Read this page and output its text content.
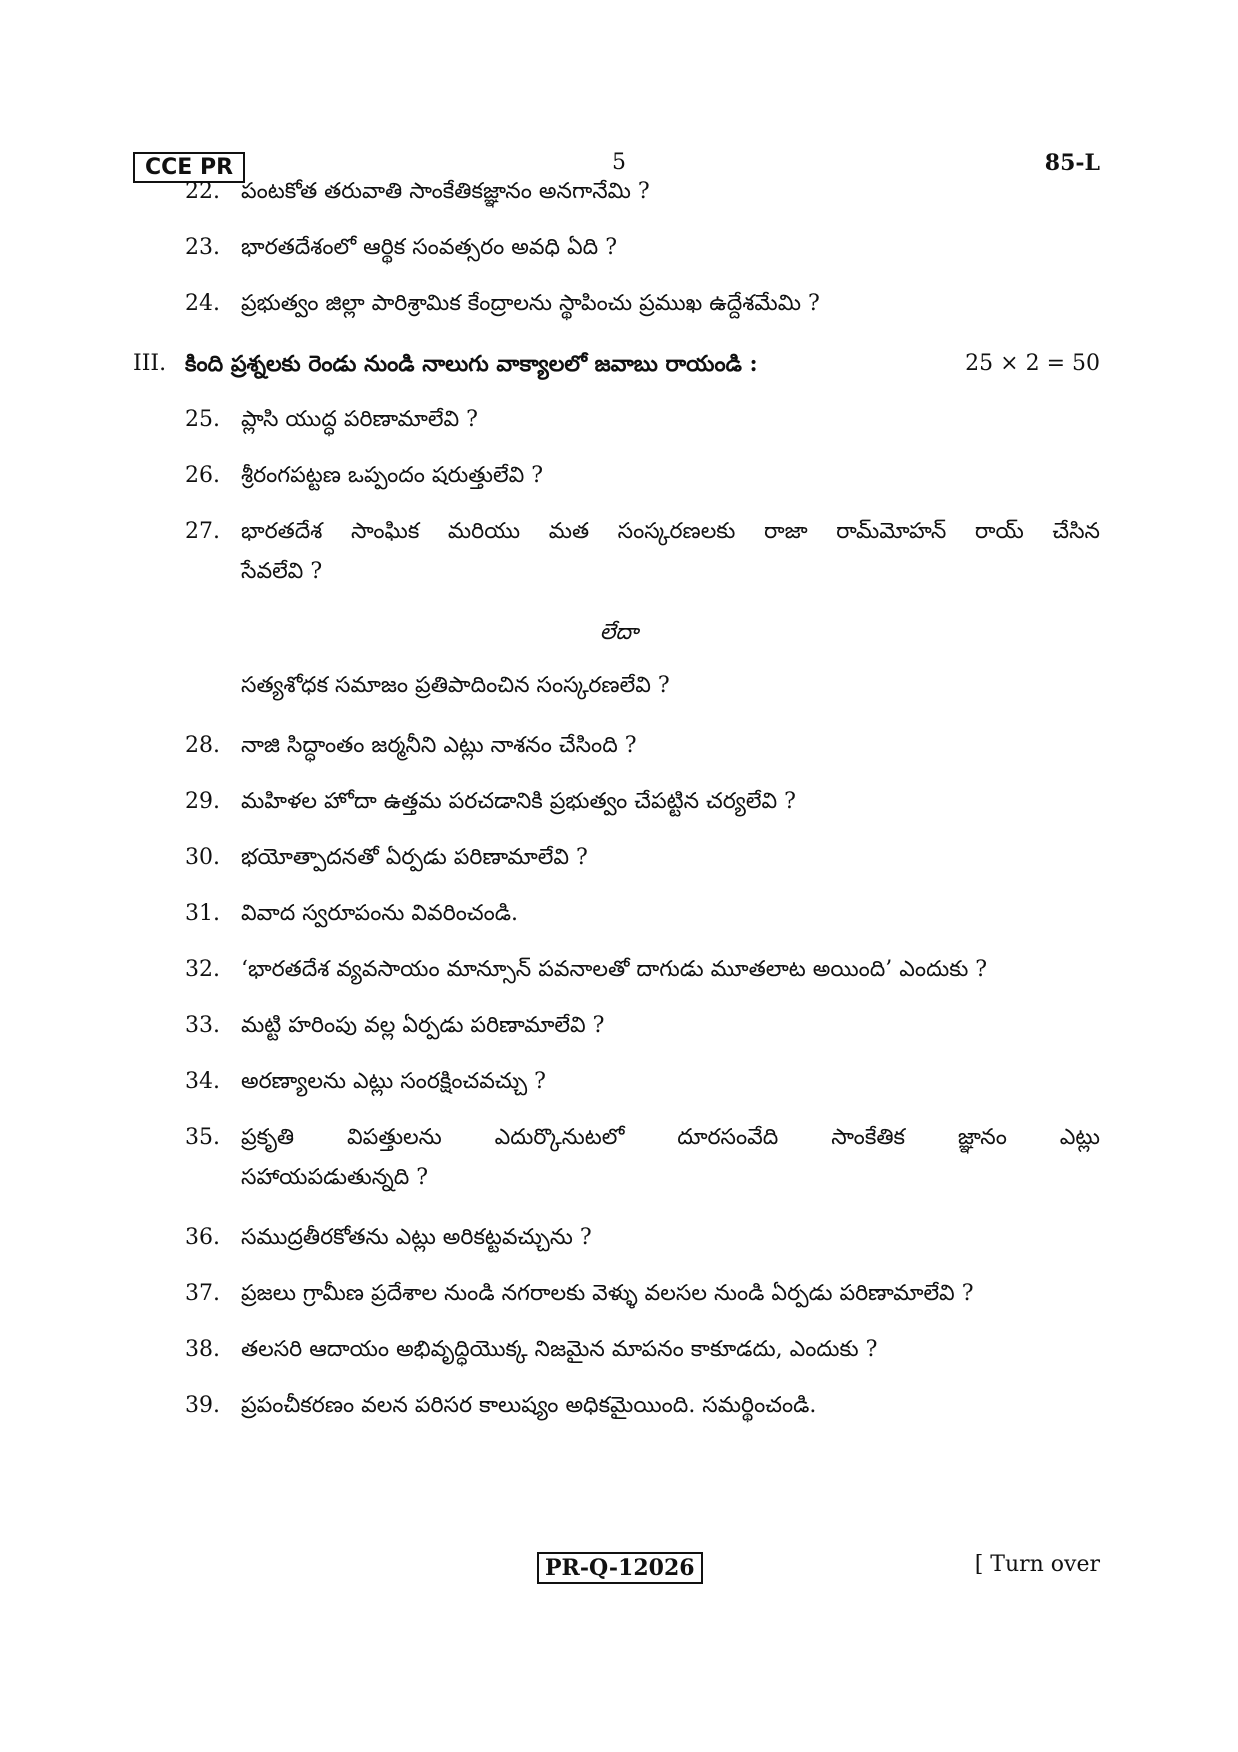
CCE PR	5	85-L
22. పంటకోత తరువాతి సాంకేతికజ్ఞానం అనగానేమి ?
23. భారతదేశంలో ఆర్థిక సంవత్సరం అవధి ఏది ?
24. ప్రభుత్వం జిల్లా పారిశ్రామిక కేంద్రాలను స్థాపించు ప్రముఖ ఉద్దేశమేమి ?
III. కింది ప్రశ్నలకు రెండు నుండి నాలుగు వాక్యాలలో జవాబు రాయండి :	25 × 2 = 50
25. ప్లాసి యుద్ధ పరిణామాలేవి ?
26. శ్రీరంగపట్టణ ఒప్పందం షరుత్తులేవి ?
27. భారతదేశ సాంఘిక మరియు మత సంస్కరణలకు రాజా రామ్‌మోహన్ రాయ్ చేసిన
సేవలేవి ?
లేదా
సత్యశోధక సమాజం ప్రతిపాదించిన సంస్కరణలేవి ?
28. నాజి సిద్ధాంతం జర్మనీని ఎట్లు నాశనం చేసింది ?
29. మహిళల హోదా ఉత్తమ పరచడానికి ప్రభుత్వం చేపట్టిన చర్యలేవి ?
30. భయోత్పాదనతో ఏర్పడు పరిణామాలేవి ?
31. వివాద స్వరూపంను వివరించండి.
32. ‘భారతదేశ వ్యవసాయం మాన్సూన్ పవనాలతో దాగుడు మూతలాట అయింది’ ఎందుకు ?
33. మట్టి హరింపు వల్ల ఏర్పడు పరిణామాలేవి ?
34. అరణ్యాలను ఎట్లు సంరక్షించవచ్చు ?
35. ప్రకృతి విపత్తులను ఎదుర్కొనుటలో దూరసంవేది సాంకేతిక జ్ఞానం ఎట్లు
సహాయపడుతున్నది ?
36. సముద్రతీరకోతను ఎట్లు అరికట్టవచ్చును ?
37. ప్రజలు గ్రామీణ ప్రదేశాల నుండి నగరాలకు వెళ్ళు వలసల నుండి ఏర్పడు పరిణామాలేవి ?
38. తలసరి ఆదాయం అభివృద్ధియొక్క నిజమైన మాపనం కాకూడదు, ఎందుకు ?
39. ప్రపంచీకరణం వలన పరిసర కాలుష్యం అధికమైయింది. సమర్థించండి.
PR-Q-12026	[ Turn over
